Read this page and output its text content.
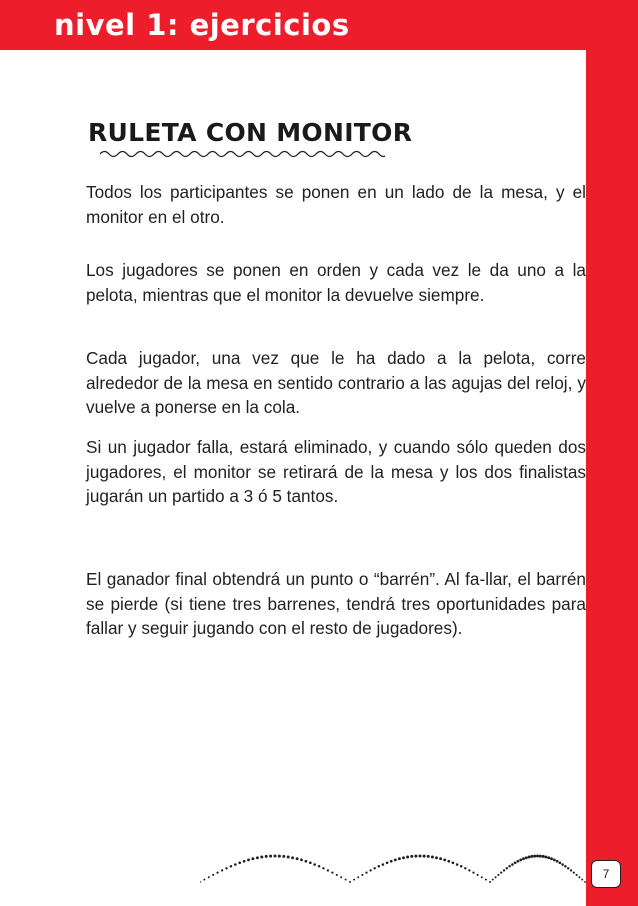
nivel 1: ejercicios
RULETA CON MONITOR

Todos los participantes se ponen en un lado de la mesa, y el monitor en el otro.

Los jugadores se ponen en orden y cada vez le da uno a la pelota, mientras que el monitor la devuelve siempre.

Cada jugador, una vez que le ha dado a la pelota, corre alrededor de la mesa en sentido contrario a las agujas del reloj, y vuelve a ponerse en la cola.

Si un jugador falla, estará eliminado, y cuando sólo queden dos jugadores, el monitor se retirará de la mesa y los dos finalistas jugarán un partido a 3 ó 5 tantos.

El ganador final obtendrá un punto o “barrén”. Al fa-llar, el barrén se pierde (si tiene tres barrenes, tendrá tres oportunidades para fallar y seguir jugando con el resto de jugadores).

7
